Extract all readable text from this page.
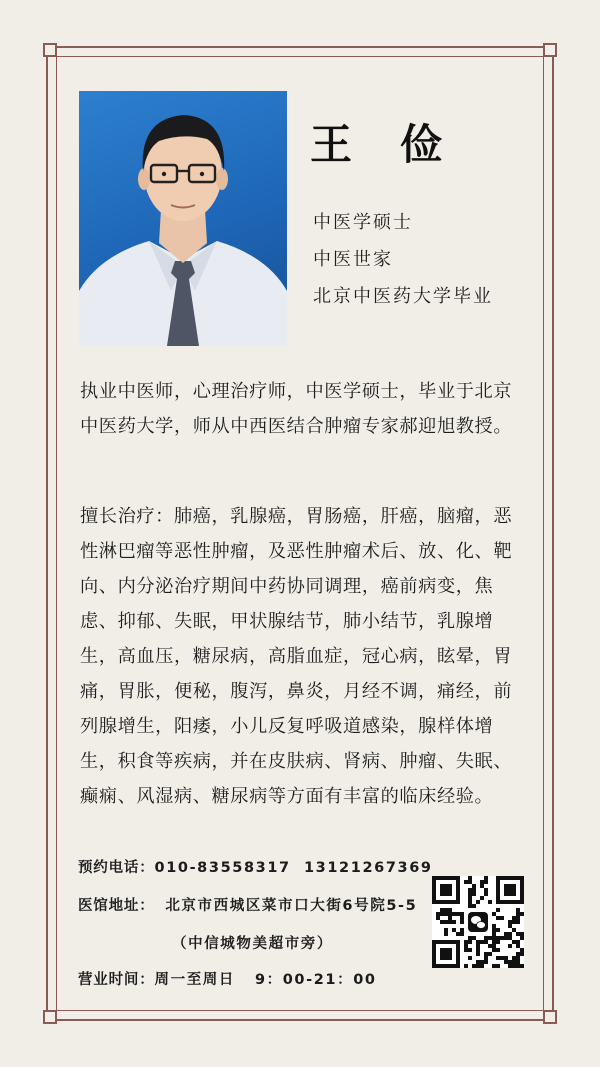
王 俭
中医学硕士
中医世家
北京中医药大学毕业
执业中医师，心理治疗师，中医学硕士，毕业于北京中医药大学，师从中西医结合肿瘤专家郝迎旭教授。
擅长治疗：肺癌，乳腺癌，胃肠癌，肝癌，脑瘤，恶性淋巴瘤等恶性肿瘤，及恶性肿瘤术后、放、化、靶向、内分泌治疗期间中药协同调理，癌前病变，焦虑、抑郁、失眠，甲状腺结节，肺小结节，乳腺增生，高血压，糖尿病，高脂血症，冠心病，眩晕，胃痛，胃胀，便秘，腹泻，鼻炎，月经不调，痛经，前列腺增生，阳痿，小儿反复呼吸道感染，腺样体增生，积食等疾病，并在皮肤病、肾病、肿瘤、失眠、癫痫、风湿病、糖尿病等方面有丰富的临床经验。
预约电话：010-83558317  13121267369
医馆地址： 北京市西城区菜市口大街6号院5-5
（中信城物美超市旁）
营业时间：周一至周日   9：00-21：00
